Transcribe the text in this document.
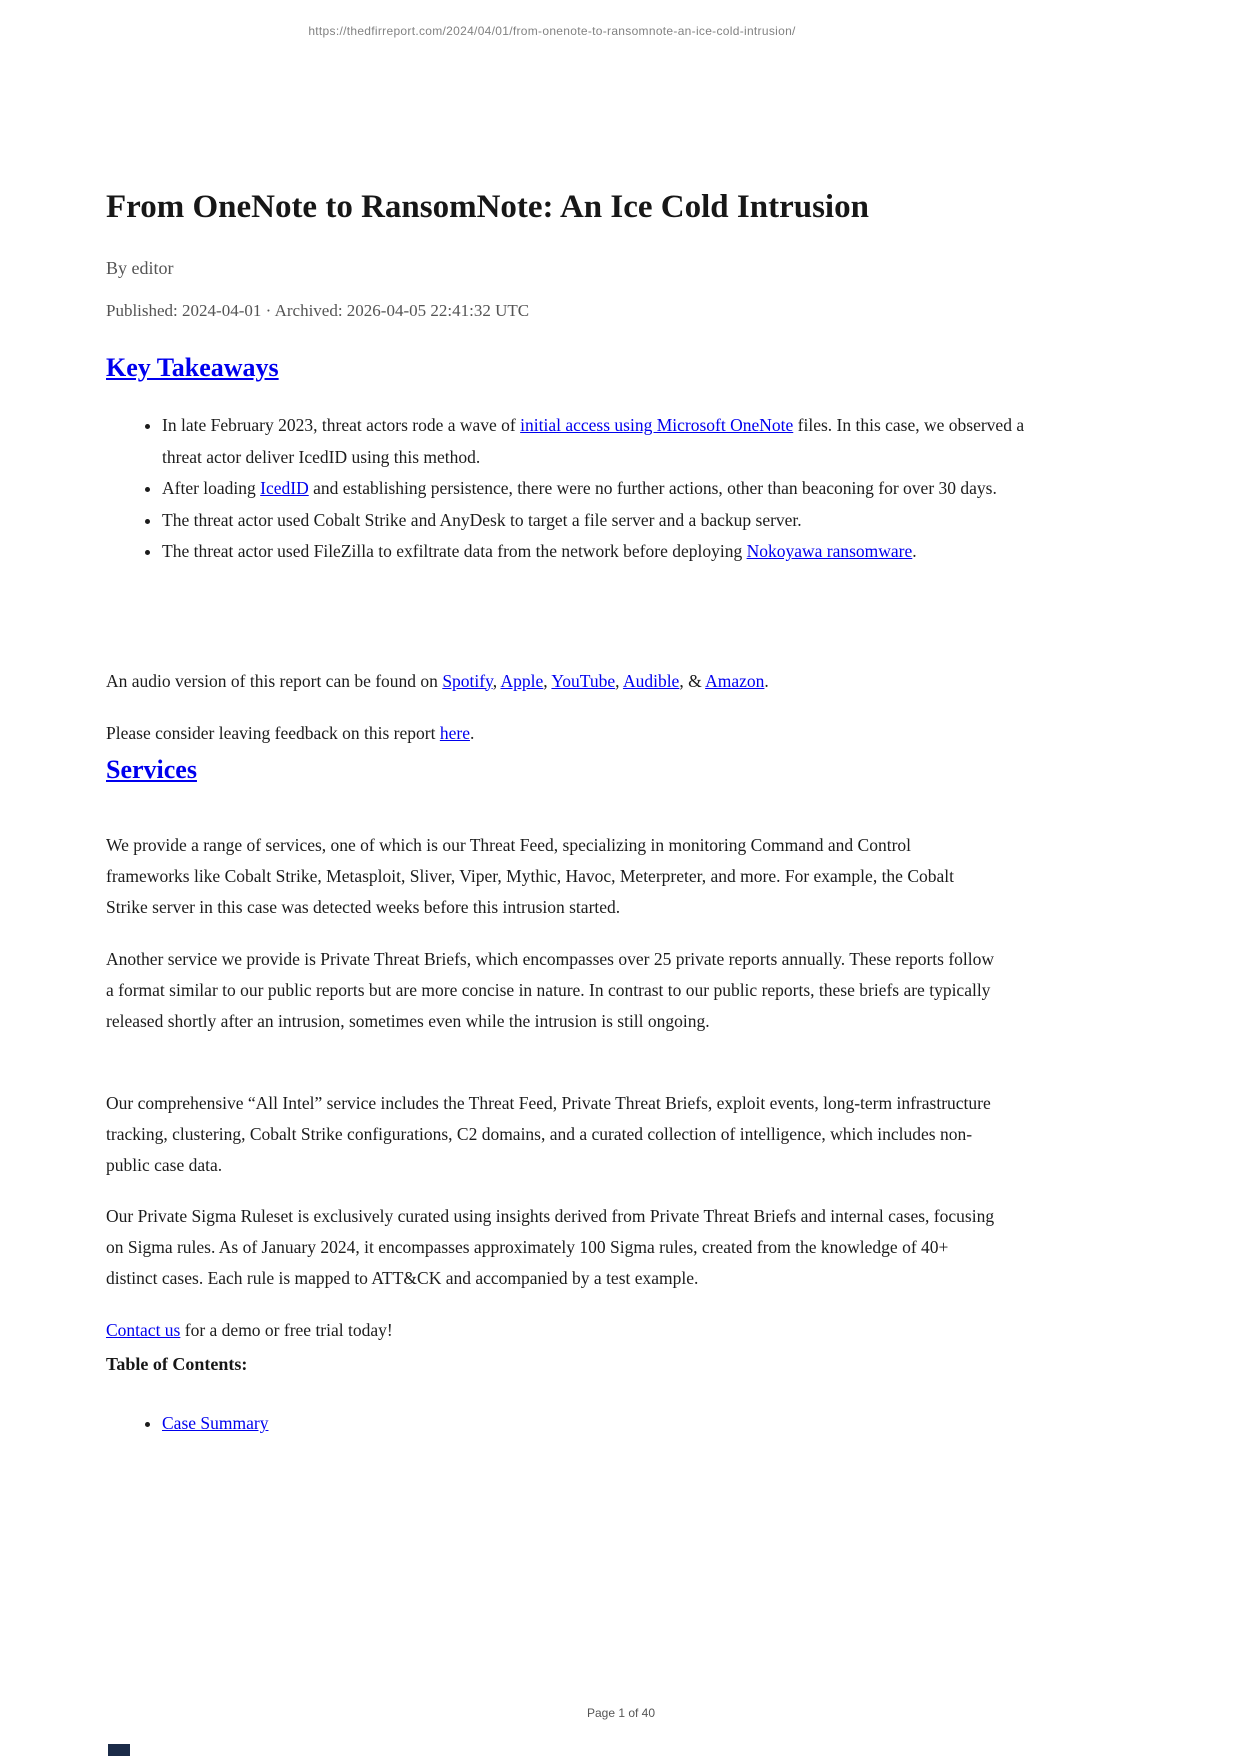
https://thedfirreport.com/2024/04/01/from-onenote-to-ransomnote-an-ice-cold-intrusion/
From OneNote to RansomNote: An Ice Cold Intrusion
By editor
Published: 2024-04-01 · Archived: 2026-04-05 22:41:32 UTC
Key Takeaways
• In late February 2023, threat actors rode a wave of initial access using Microsoft OneNote files. In this case, we observed a threat actor deliver IcedID using this method.
• After loading IcedID and establishing persistence, there were no further actions, other than beaconing for over 30 days.
• The threat actor used Cobalt Strike and AnyDesk to target a file server and a backup server.
• The threat actor used FileZilla to exfiltrate data from the network before deploying Nokoyawa ransomware.

An audio version of this report can be found on Spotify, Apple, YouTube, Audible, & Amazon.

Please consider leaving feedback on this report here.

Services

We provide a range of services, one of which is our Threat Feed, specializing in monitoring Command and Control frameworks like Cobalt Strike, Metasploit, Sliver, Viper, Mythic, Havoc, Meterpreter, and more. For example, the Cobalt Strike server in this case was detected weeks before this intrusion started.

Another service we provide is Private Threat Briefs, which encompasses over 25 private reports annually. These reports follow a format similar to our public reports but are more concise in nature. In contrast to our public reports, these briefs are typically released shortly after an intrusion, sometimes even while the intrusion is still ongoing.

Our comprehensive “All Intel” service includes the Threat Feed, Private Threat Briefs, exploit events, long-term infrastructure tracking, clustering, Cobalt Strike configurations, C2 domains, and a curated collection of intelligence, which includes non-public case data.

Our Private Sigma Ruleset is exclusively curated using insights derived from Private Threat Briefs and internal cases, focusing on Sigma rules. As of January 2024, it encompasses approximately 100 Sigma rules, created from the knowledge of 40+ distinct cases. Each rule is mapped to ATT&CK and accompanied by a test example.

Contact us for a demo or free trial today!

Table of Contents:
• Case Summary
Page 1 of 40
